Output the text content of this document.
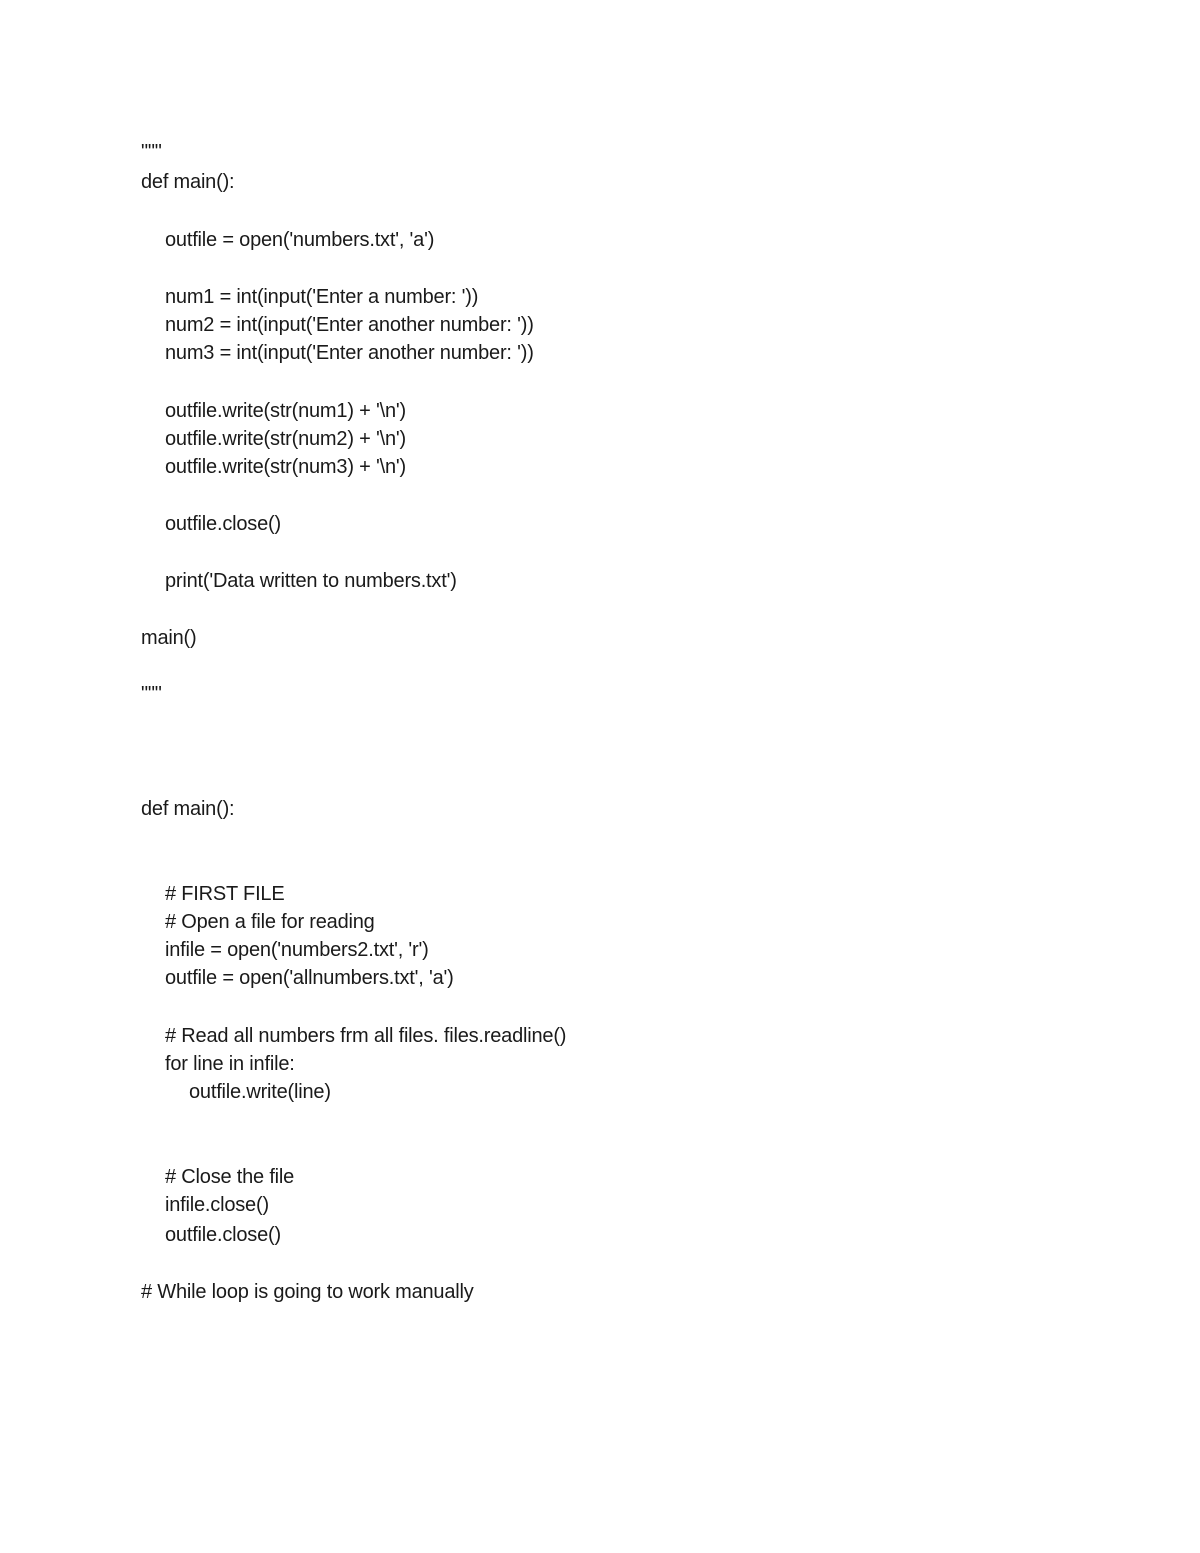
"""
def main():
outfile = open('numbers.txt', 'a')
num1 = int(input('Enter a number: '))
num2 = int(input('Enter another number: '))
num3 = int(input('Enter another number: '))
outfile.write(str(num1) + '\n')
outfile.write(str(num2) + '\n')
outfile.write(str(num3) + '\n')
outfile.close()
print('Data written to numbers.txt')
main()
"""
def main():
# FIRST FILE
# Open a file for reading
infile = open('numbers2.txt', 'r')
outfile = open('allnumbers.txt', 'a')
# Read all numbers frm all files. files.readline()
for line in infile:
outfile.write(line)
# Close the file
infile.close()
outfile.close()
# While loop is going to work manually
